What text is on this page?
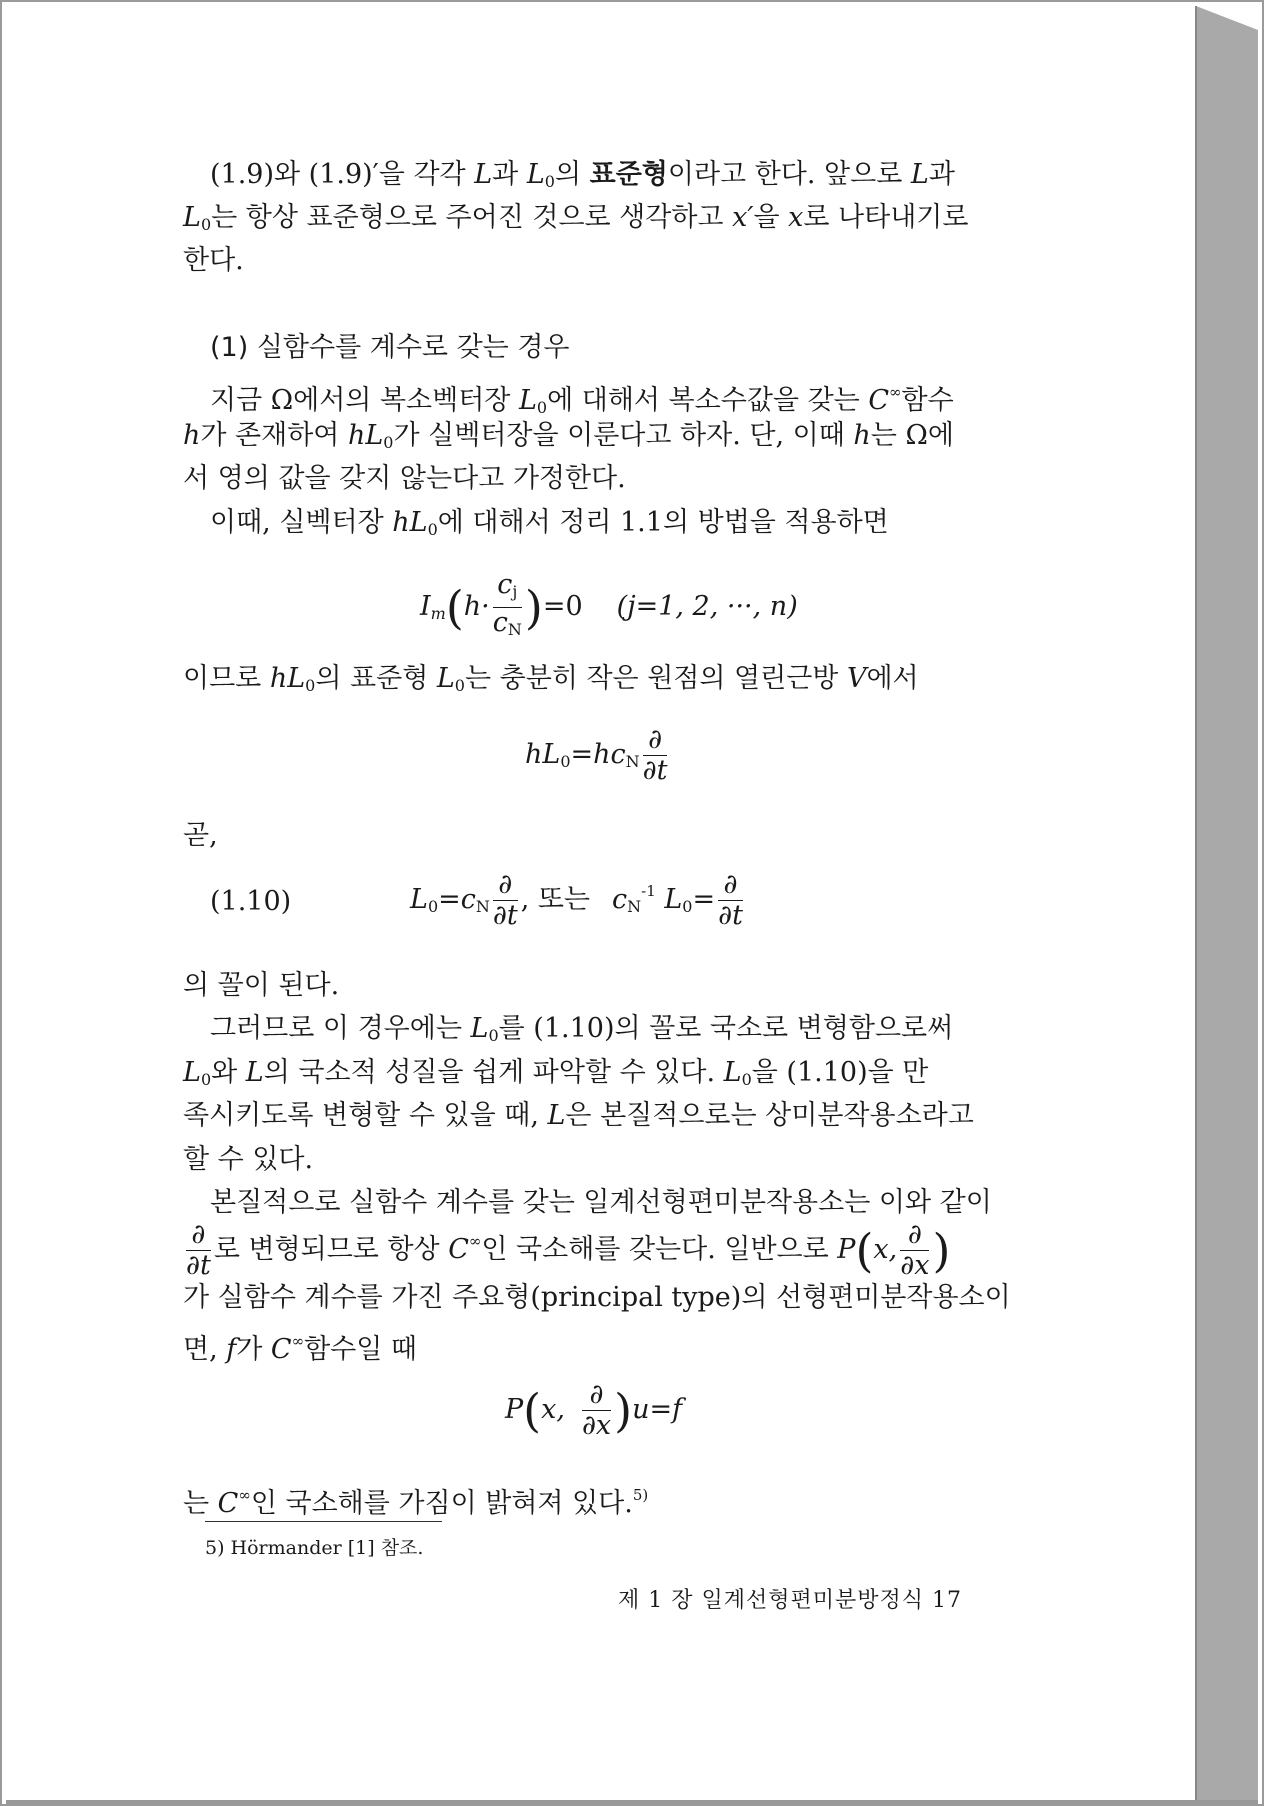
(1.9)와 (1.9)′을 각각 L과 $L_0$의 표준형이라고 한다. 앞으로 L과
$L_0$는 항상 표준형으로 주어진 것으로 생각하고 x′을 x로 나타내기로
한다.
(1) 실함수를 계수로 갖는 경우
지금 Ω에서의 복소벡터장 $L_0$에 대해서 복소수값을 갖는 C∞함수
h가 존재하여 $hL_0$가 실벡터장을 이룬다고 하자. 단, 이때 h는 Ω에
서 영의 값을 갖지 않는다고 가정한다.
이때, 실벡터장 $hL_0$에 대해서 정리 1.1의 방법을 적용하면
$I_m(h\cdot \frac{c_j}{c_N} )=0$ (j=1, 2, ···, n)
이므로 $hL_0$의 표준형 $L_0$는 충분히 작은 원점의 열린근방 V에서
$hL_0=hc_N \frac{\partial}{\partial t}$
곧,
(1.10)	$L_0=c_N \frac{\partial}{\partial t}$ , 또는 $c_N^{-1}$ $L_0= \frac{\partial}{\partial t}$
의 꼴이 된다.
그러므로 이 경우에는 $L_0$를 (1.10)의 꼴로 국소로 변형함으로써
$L_0$와 L의 국소적 성질을 쉽게 파악할 수 있다. $L_0$을 (1.10)을 만
족시키도록 변형할 수 있을 때, L은 본질적으로는 상미분작용소라고
할 수 있다.
본질적으로 실함수 계수를 갖는 일계선형편미분작용소는 이와 같이
$\frac{\partial}{\partial t}$ 로 변형되므로 항상 C∞인 국소해를 갖는다. 일반으로 P(x, $\frac{\partial}{\partial x}$ )
가 실함수 계수를 가진 주요형(principal type)의 선형편미분작용소이
면, f가 C∞함수일 때
P(x, $\frac{\partial}{\partial x} )u=f$
는 C∞인 국소해를 가짐이 밝혀져 있다.$^{5)}$
5) Hörmander [1] 참조.
제 1 장 일계선형편미분방정식 17
